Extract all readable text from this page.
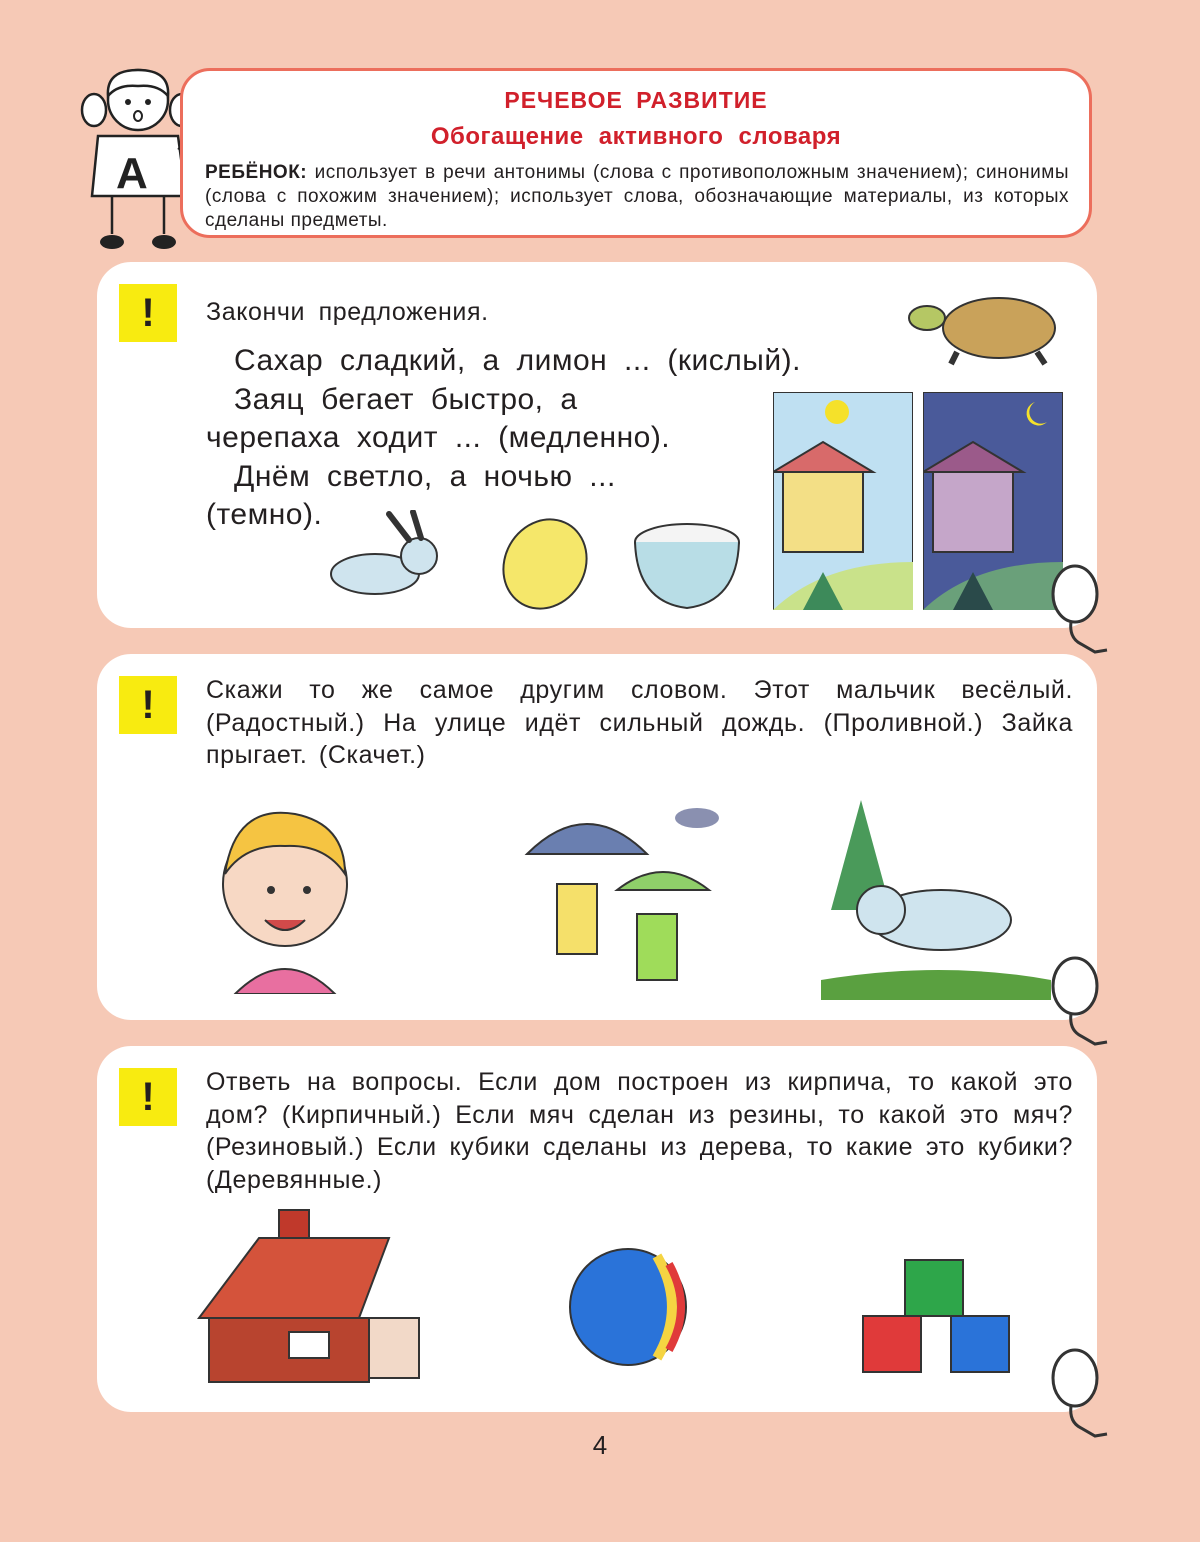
А
РЕЧЕВОЕ РАЗВИТИЕ
Обогащение активного словаря
РЕБЁНОК: использует в речи антонимы (слова с противоположным значением); синонимы (слова с похожим значением); использует слова, обозначающие материалы, из которых сделаны предметы.
!	Закончи предложения.
Сахар сладкий, а лимон ... (кислый).
Заяц бегает быстро, а черепаха ходит ... (медленно).
Днём светло, а ночью ... (темно).
!	Скажи то же самое другим словом. Этот мальчик весёлый. (Радостный.) На улице идёт сильный дождь. (Проливной.) Зайка прыгает. (Скачет.)
!	Ответь на вопросы. Если дом построен из кирпича, то какой это дом? (Кирпичный.) Если мяч сделан из резины, то какой это мяч? (Резиновый.) Если кубики сделаны из дерева, то какие это кубики? (Деревянные.)
4
